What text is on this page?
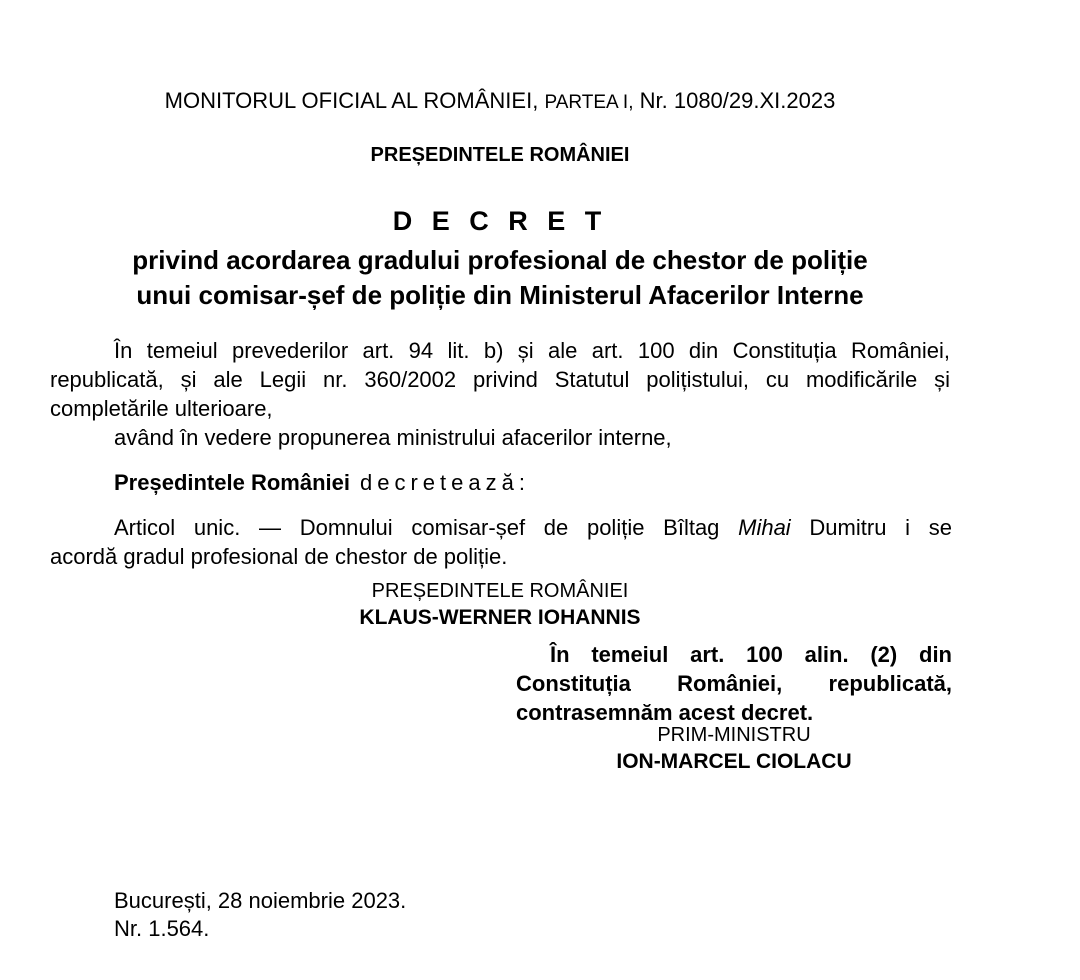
MONITORUL OFICIAL AL ROMÂNIEI, PARTEA I, Nr. 1080/29.XI.2023
PREȘEDINTELE ROMÂNIEI
D E C R E T
privind acordarea gradului profesional de chestor de poliție
unui comisar-șef de poliție din Ministerul Afacerilor Interne
În temeiul prevederilor art. 94 lit. b) și ale art. 100 din Constituția României,
republicată, și ale Legii nr. 360/2002 privind Statutul polițistului, cu modificările și
completările ulterioare,
având în vedere propunerea ministrului afacerilor interne,
Președintele României decretează:
Articol unic. — Domnului comisar-șef de poliție Bîltag Mihai Dumitru i se
acordă gradul profesional de chestor de poliție.
PREȘEDINTELE ROMÂNIEI
KLAUS-WERNER IOHANNIS
În temeiul art. 100 alin. (2) din
Constituția României, republicată,
contrasemnăm acest decret.
PRIM-MINISTRU
ION-MARCEL CIOLACU
București, 28 noiembrie 2023.
Nr. 1.564.
